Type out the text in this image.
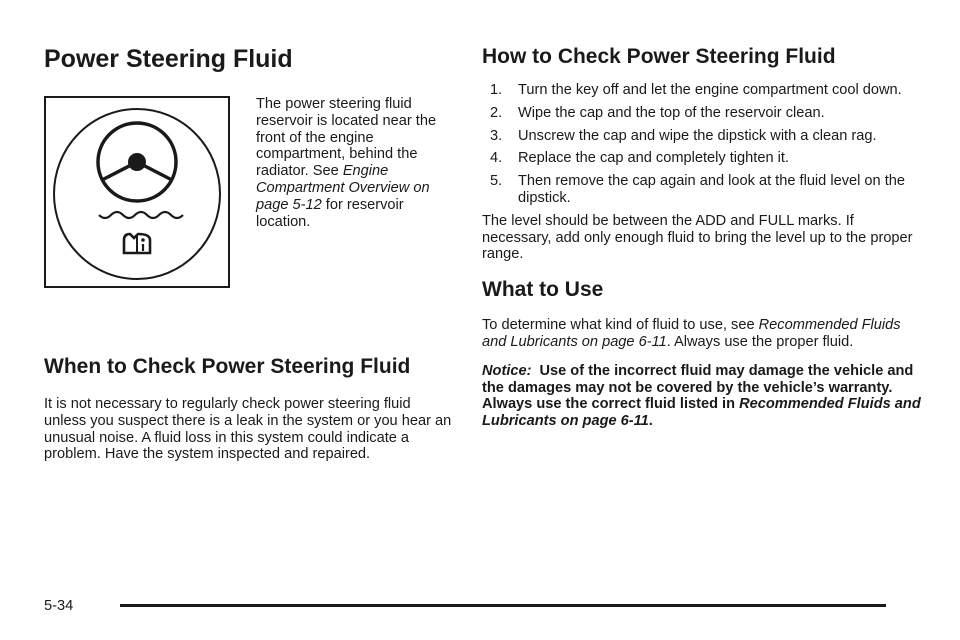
Power Steering Fluid

The power steering fluid reservoir is located near the front of the engine compartment, behind the radiator. See Engine Compartment Overview on page 5-12 for reservoir location.

When to Check Power Steering Fluid

It is not necessary to regularly check power steering fluid unless you suspect there is a leak in the system or you hear an unusual noise. A fluid loss in this system could indicate a problem. Have the system inspected and repaired.

How to Check Power Steering Fluid
1.	Turn the key off and let the engine compartment cool down.
2.	Wipe the cap and the top of the reservoir clean.
3.	Unscrew the cap and wipe the dipstick with a clean rag.
4.	Replace the cap and completely tighten it.
5.	Then remove the cap again and look at the fluid level on the dipstick.

The level should be between the ADD and FULL marks. If necessary, add only enough fluid to bring the level up to the proper range.

What to Use

To determine what kind of fluid to use, see Recommended Fluids and Lubricants on page 6-11. Always use the proper fluid.

Notice: Use of the incorrect fluid may damage the vehicle and the damages may not be covered by the vehicle’s warranty. Always use the correct fluid listed in Recommended Fluids and Lubricants on page 6-11.

5-34
